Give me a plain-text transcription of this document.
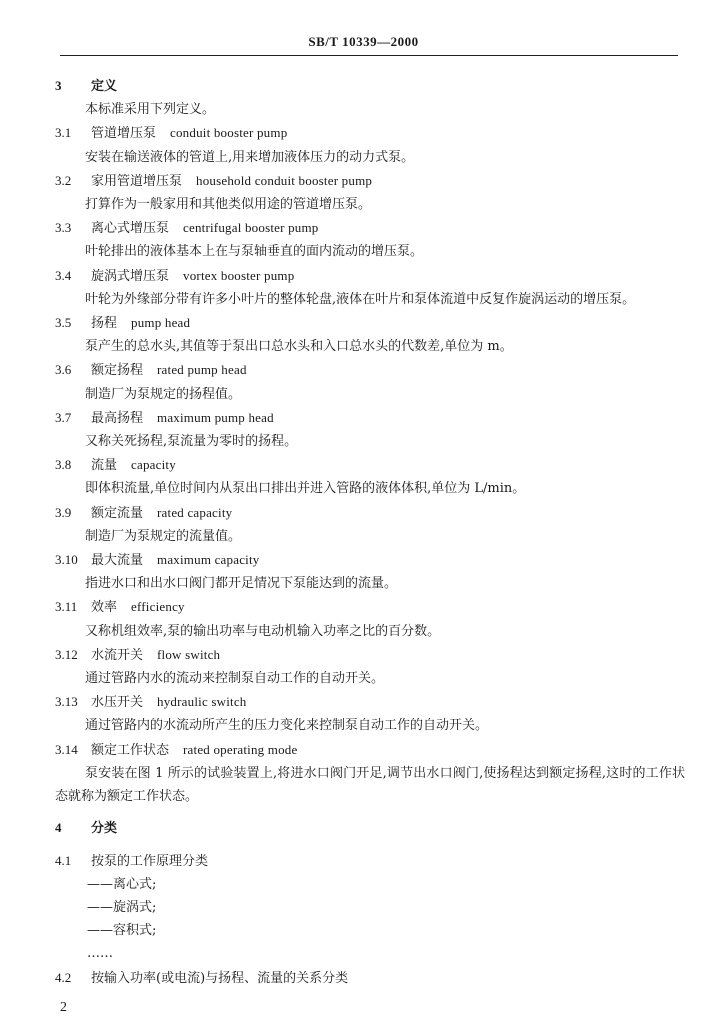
SB/T 10339—2000
3 定义
本标准采用下列定义。
3.1 管道增压泵 conduit booster pump
安装在输送液体的管道上,用来增加液体压力的动力式泵。
3.2 家用管道增压泵 household conduit booster pump
打算作为一般家用和其他类似用途的管道增压泵。
3.3 离心式增压泵 centrifugal booster pump
叶轮排出的液体基本上在与泵轴垂直的面内流动的增压泵。
3.4 旋涡式增压泵 vortex booster pump
叶轮为外缘部分带有许多小叶片的整体轮盘,液体在叶片和泵体流道中反复作旋涡运动的增压泵。
3.5 扬程 pump head
泵产生的总水头,其值等于泵出口总水头和入口总水头的代数差,单位为 m。
3.6 额定扬程 rated pump head
制造厂为泵规定的扬程值。
3.7 最高扬程 maximum pump head
又称关死扬程,泵流量为零时的扬程。
3.8 流量 capacity
即体积流量,单位时间内从泵出口排出并进入管路的液体体积,单位为 L/min。
3.9 额定流量 rated capacity
制造厂为泵规定的流量值。
3.10 最大流量 maximum capacity
指进水口和出水口阀门都开足情况下泵能达到的流量。
3.11 效率 efficiency
又称机组效率,泵的输出功率与电动机输入功率之比的百分数。
3.12 水流开关 flow switch
通过管路内水的流动来控制泵自动工作的自动开关。
3.13 水压开关 hydraulic switch
通过管路内的水流动所产生的压力变化来控制泵自动工作的自动开关。
3.14 额定工作状态 rated operating mode
泵安装在图 1 所示的试验装置上,将进水口阀门开足,调节出水口阀门,使扬程达到额定扬程,这时的工作状态就称为额定工作状态。
4 分类
4.1 按泵的工作原理分类
——离心式;
——旋涡式;
——容积式;
……
4.2 按输入功率(或电流)与扬程、流量的关系分类
2
